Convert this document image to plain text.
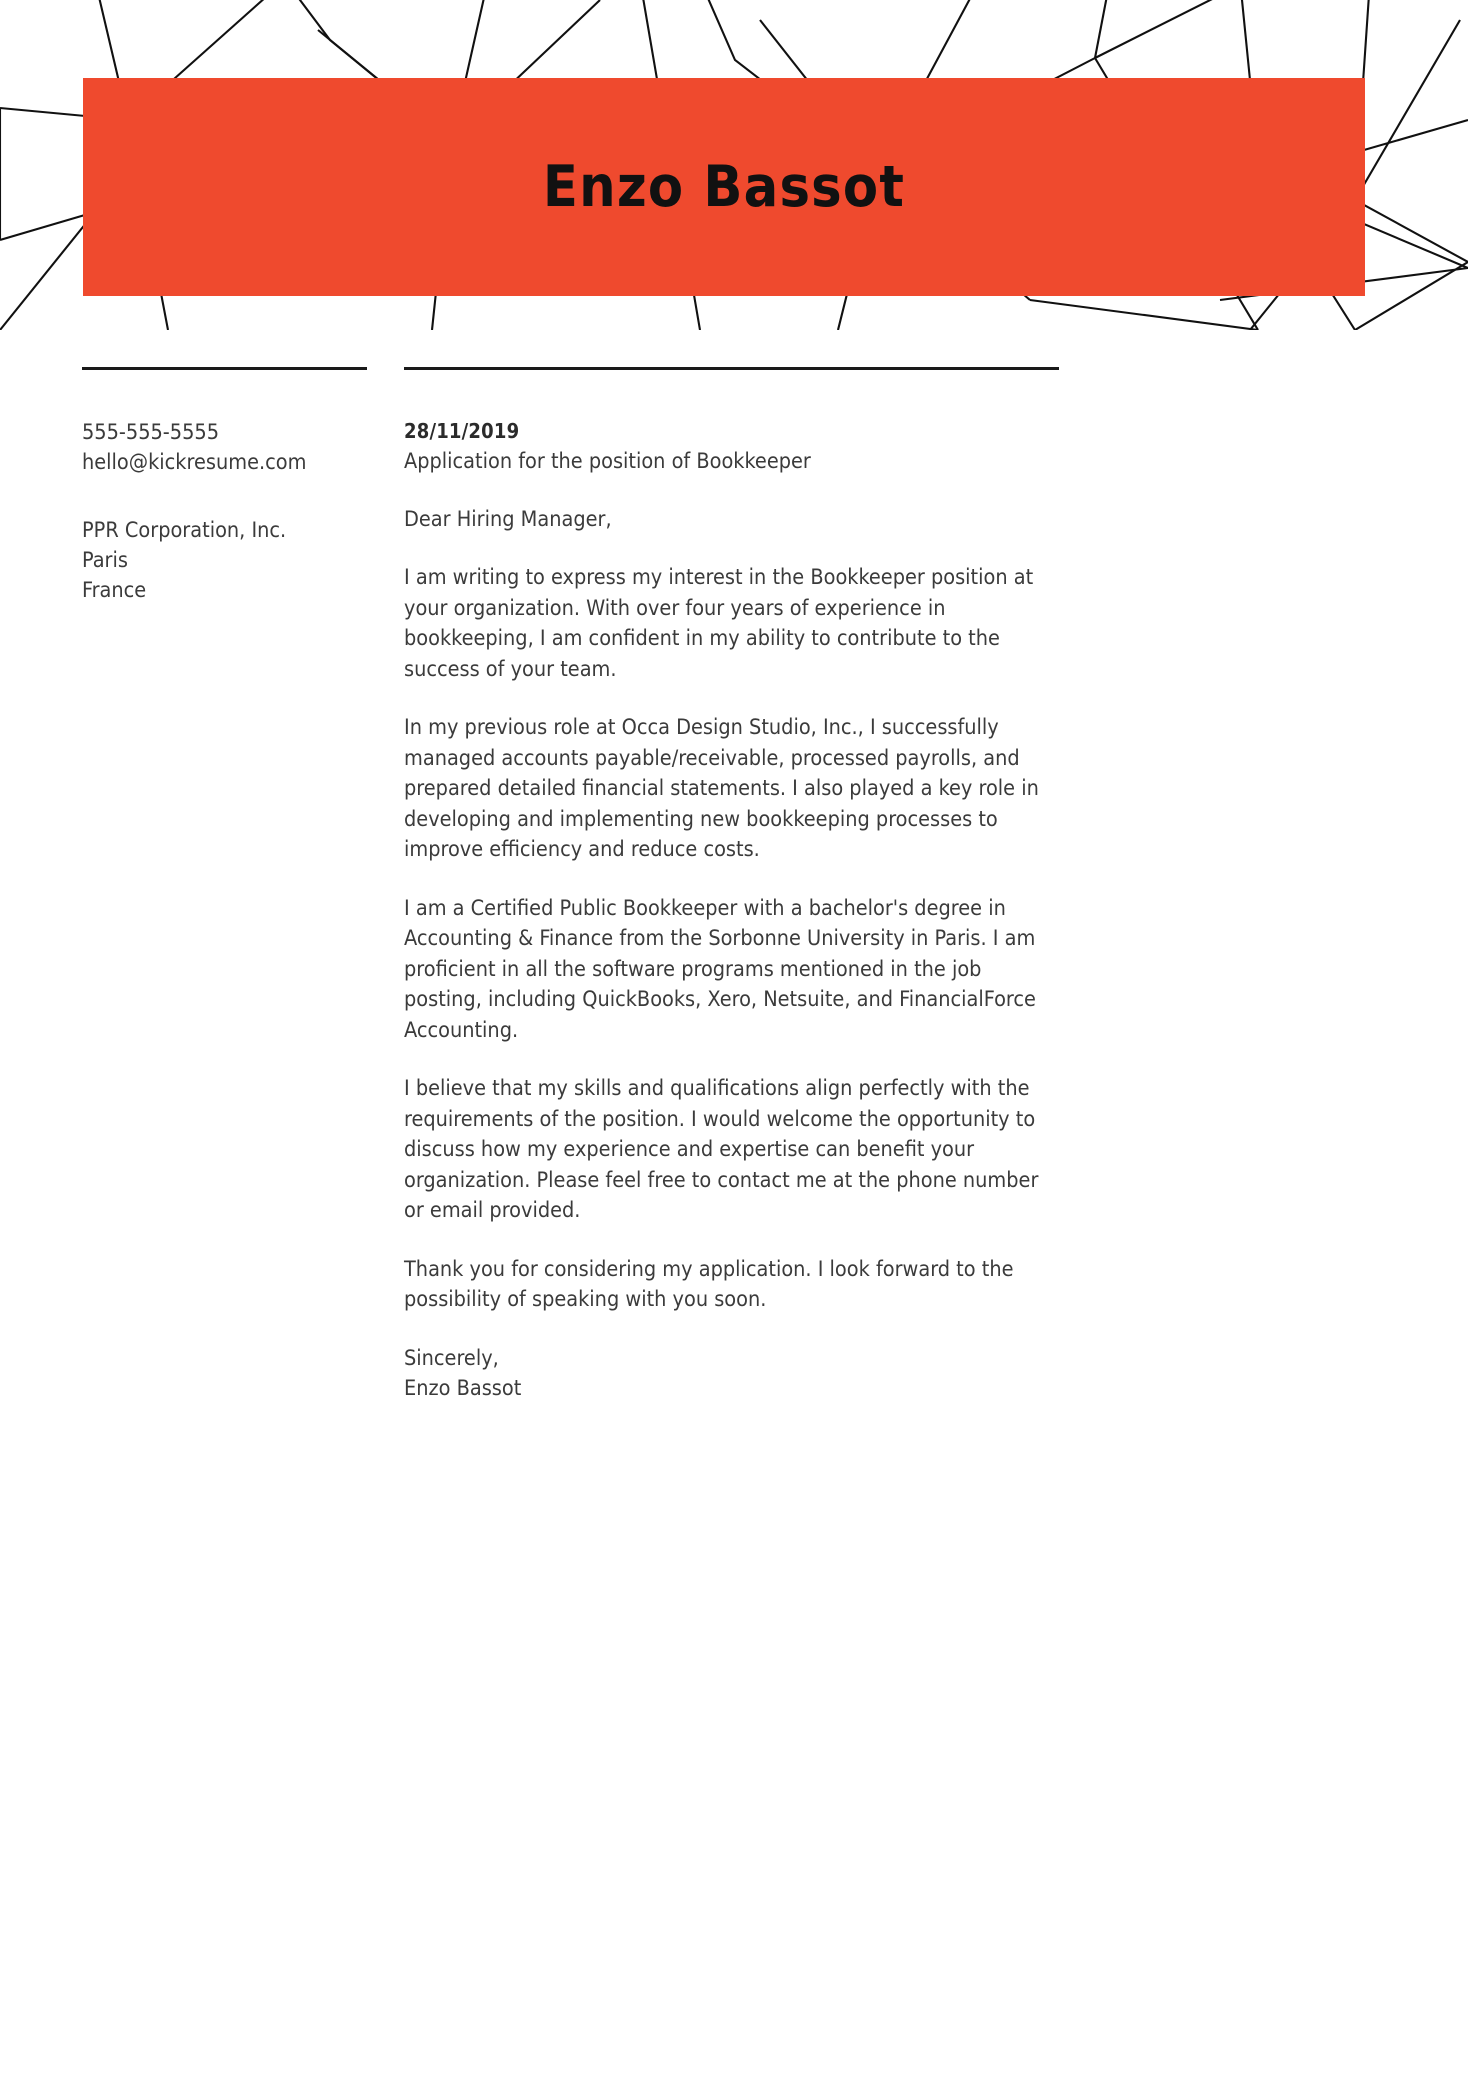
Enzo Bassot
555-555-5555
hello@kickresume.com
PPR Corporation, Inc.
Paris
France
28/11/2019
Application for the position of Bookkeeper
Dear Hiring Manager,

I am writing to express my interest in the Bookkeeper position at your organization. With over four years of experience in bookkeeping, I am confident in my ability to contribute to the success of your team.

In my previous role at Occa Design Studio, Inc., I successfully managed accounts payable/receivable, processed payrolls, and prepared detailed financial statements. I also played a key role in developing and implementing new bookkeeping processes to improve efficiency and reduce costs.

I am a Certified Public Bookkeeper with a bachelor's degree in Accounting & Finance from the Sorbonne University in Paris. I am proficient in all the software programs mentioned in the job posting, including QuickBooks, Xero, Netsuite, and FinancialForce Accounting.

I believe that my skills and qualifications align perfectly with the requirements of the position. I would welcome the opportunity to discuss how my experience and expertise can benefit your organization. Please feel free to contact me at the phone number or email provided.

Thank you for considering my application. I look forward to the possibility of speaking with you soon.

Sincerely,
Enzo Bassot
